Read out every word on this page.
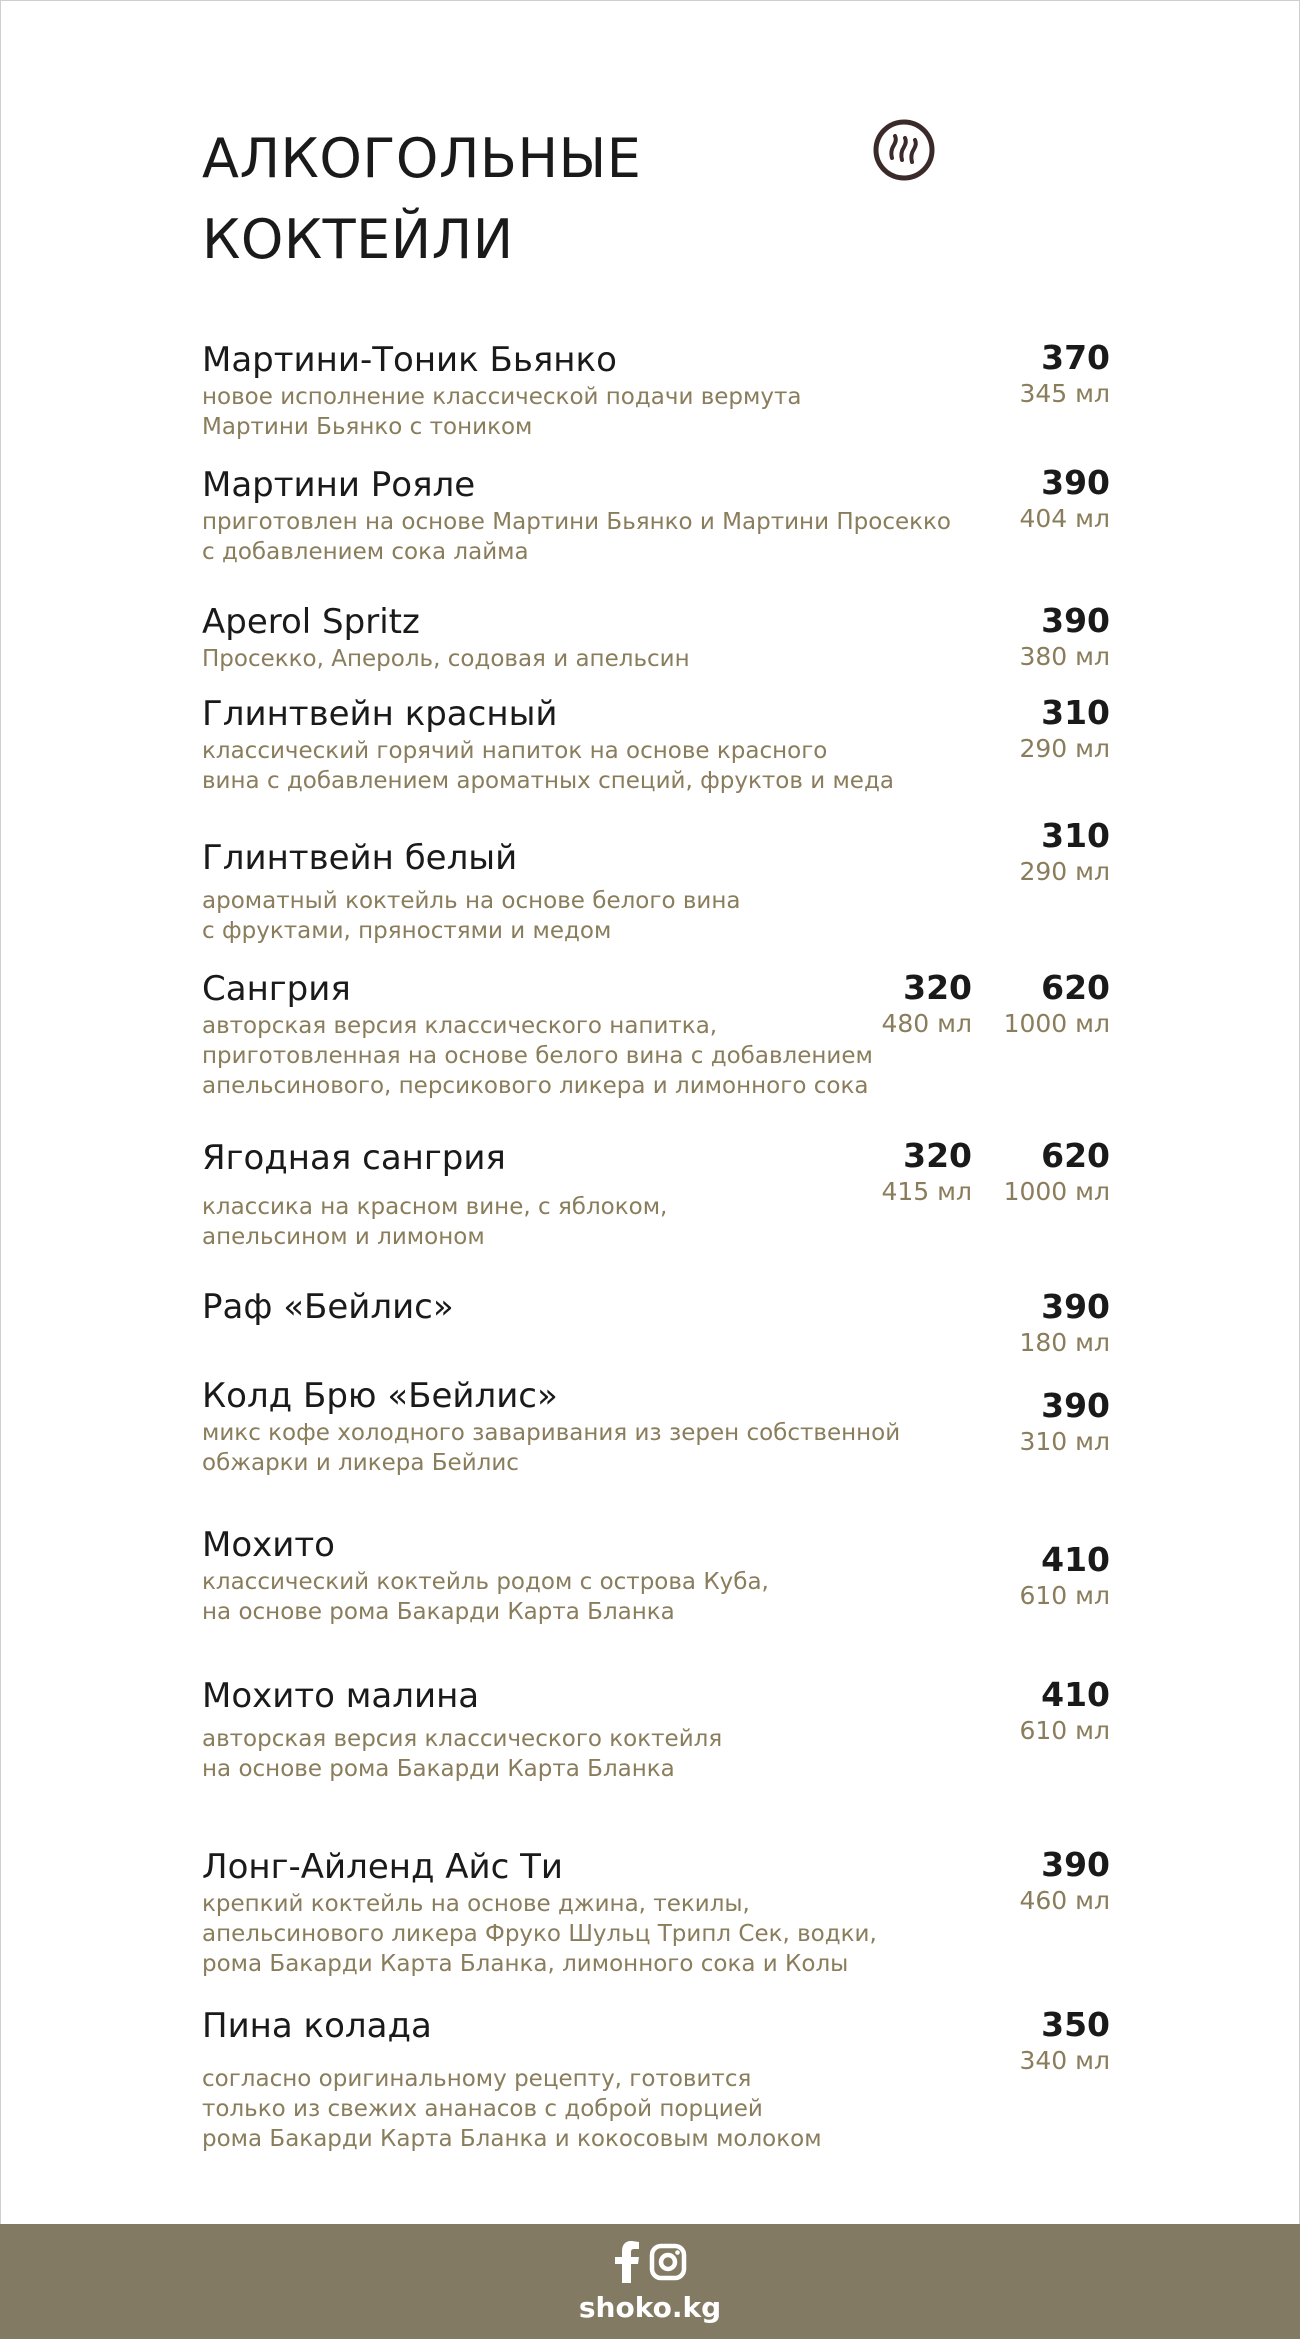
АЛКОГОЛЬНЫЕ
КОКТЕЙЛИ
Мартини-Тоник Бьянко
новое исполнение классической подачи вермута
Мартини Бьянко с тоником
370
345 мл
Мартини Рояле
приготовлен на основе Мартини Бьянко и Мартини Просекко
с добавлением сока лайма
390
404 мл
Aperol Spritz
Просекко, Апероль, содовая и апельсин
390
380 мл
Глинтвейн красный
классический горячий напиток на основе красного
вина с добавлением ароматных специй, фруктов и меда
310
290 мл
Глинтвейн белый
ароматный коктейль на основе белого вина
с фруктами, пряностями и медом
310
290 мл
Сангрия
авторская версия классического напитка,
приготовленная на основе белого вина с добавлением
апельсинового, персикового ликера и лимонного сока
320
480 мл
620
1000 мл
Ягодная сангрия
классика на красном вине, с яблоком,
апельсином и лимоном
320
415 мл
620
1000 мл
Раф «Бейлис»	390
180 мл
Колд Брю «Бейлис»
микс кофе холодного заваривания из зерен собственной
обжарки и ликера Бейлис
390
310 мл
Мохито
классический коктейль родом с острова Куба,
на основе рома Бакарди Карта Бланка
410
610 мл
Мохито малина
авторская версия классического коктейля
на основе рома Бакарди Карта Бланка
410
610 мл
Лонг-Айленд Айс Ти
крепкий коктейль на основе джина, текилы,
апельсинового ликера Фруко Шульц Трипл Сек, водки,
рома Бакарди Карта Бланка, лимонного сока и Колы
390
460 мл
Пина колада
согласно оригинальному рецепту, готовится
только из свежих ананасов с доброй порцией
рома Бакарди Карта Бланка и кокосовым молоком
350
340 мл
shoko.kg
